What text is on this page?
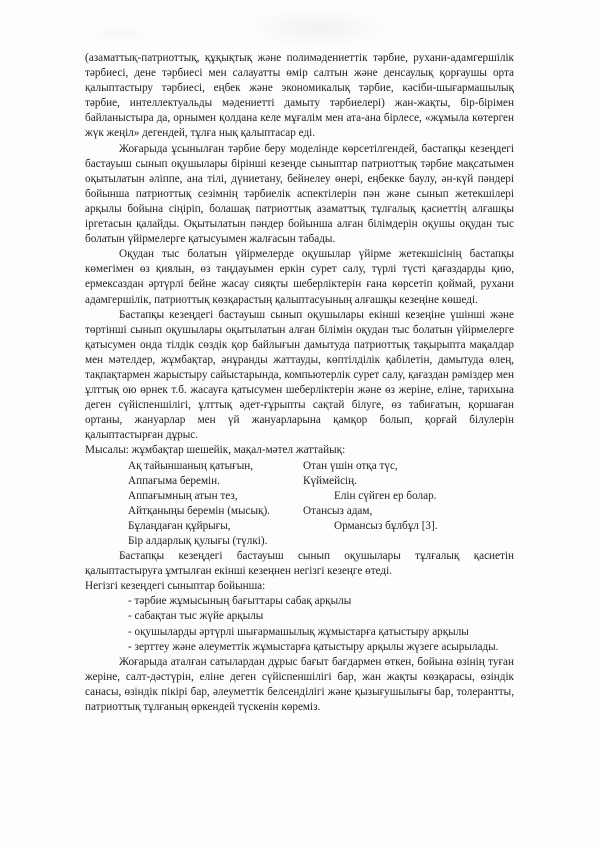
(азаматтық-патриоттық, құқықтық және полимәдениеттік тәрбие, рухани-адамгершілік тәрбиесі, дене тәрбиесі мен салауатты өмір салтын және денсаулық қорғаушы орта қалыптастыру тәрбиесі, еңбек және экономикалық тәрбие, кәсіби-шығармашылық тәрбие, интеллектуальды мәдениетті дамыту тәрбиелері) жан-жақты, бір-бірімен байланыстыра да, орнымен қолдана келе мұғалім мен ата-ана бірлесе, «жұмыла көтерген жүк жеңіл» дегендей, тұлға нық қалыптасар еді.

Жоғарыда ұсынылған тәрбие беру моделінде көрсетілгендей, бастапқы кезеңдегі бастауыш сынып оқушылары бірінші кезеңде сыныптар патриоттық тәрбие мақсатымен оқытылатын әліппе, ана тілі, дүниетану, бейнелеу өнері, еңбекке баулу, ән-күй пәндері бойынша патриоттық сезімнің тәрбиелік аспектілерін пән және сынып жетекшілері арқылы бойына сіңіріп, болашақ патриоттық азаматтық тұлғалық қасиеттің алғашқы іргетасын қалайды. Оқытылатын пәндер бойынша алған білімдерін оқушы оқудан тыс болатын үйірмелерге қатысуымен жалғасын табады.

Оқудан тыс болатын үйірмелерде оқушылар үйірме жетекшісінің бастапқы көмегімен өз қиялын, өз таңдауымен еркін сурет салу, түрлі түсті қағаздарды қию, ермексаздан әртүрлі бейне жасау сияқты шеберліктерін ғана көрсетіп қоймай, рухани адамгершілік, патриоттық көзқарастың қалыптасуының алғашқы кезеңіне көшеді.

Бастапқы кезеңдегі бастауыш сынып оқушылары екінші кезеңіне үшінші және төртінші сынып оқушылары оқытылатын алған білімін оқудан тыс болатын үйірмелерге қатысумен онда тілдік сөздік қор байлығын дамытуда патриоттық тақырыпта мақалдар мен мәтелдер, жұмбақтар, әнұранды жаттауды, көптілділік қабілетін, дамытуда өлең, тақпақтармен жарыстыру сайыстарында, компьютерлік сурет салу, қағаздан рәміздер мен ұлттық ою өрнек т.б. жасауға қатысумен шеберліктерін және өз жеріне, еліне, тарихына деген сүйіспеншілігі, ұлттық әдет-ғұрыпты сақтай білуге, өз табиғатын, қоршаған ортаны, жануарлар мен үй жануарларына қамқор болып, қорғай білулерін қалыптастырған дұрыс.

Мысалы: жұмбақтар шешейік, мақал-мәтел жаттайық:

Ақ тайыншаның қатығын,	Отан үшін отқа түс,
Аппағыма беремін.	Күймейсің.
Аппағымның атын тез,	Елін сүйген ер болар.
Айтқаныңы беремін (мысық).	Отансыз адам,
Бұлаңдаған құйрығы,	Ормансыз бұлбұл [3].
Бір алдарлық қулығы (түлкі).

Бастапқы кезеңдегі бастауыш сынып оқушылары тұлғалық қасиетін қалыптастыруға ұмтылған екінші кезеңнен негізгі кезеңге өтеді.

Негізгі кезеңдегі сыныптар бойынша:

- тәрбие жұмысының бағыттары сабақ арқылы

- сабақтан тыс жүйе арқылы

- оқушыларды әртүрлі шығармашылық жұмыстарға қатыстыру арқылы

- зерттеу және әлеуметтік жұмыстарға қатыстыру арқылы жүзеге асырылады.

Жоғарыда аталған сатылардан дұрыс бағыт бағдармен өткен, бойына өзінің туған жеріне, салт-дәстүрін, еліне деген сүйіспеншілігі бар, жан жақты көзқарасы, өзіндік санасы, өзіндік пікірі бар, әлеуметтік белсенділігі және қызығушылығы бар, толерантты, патриоттық тұлғаның өркендей түскенін көреміз.
